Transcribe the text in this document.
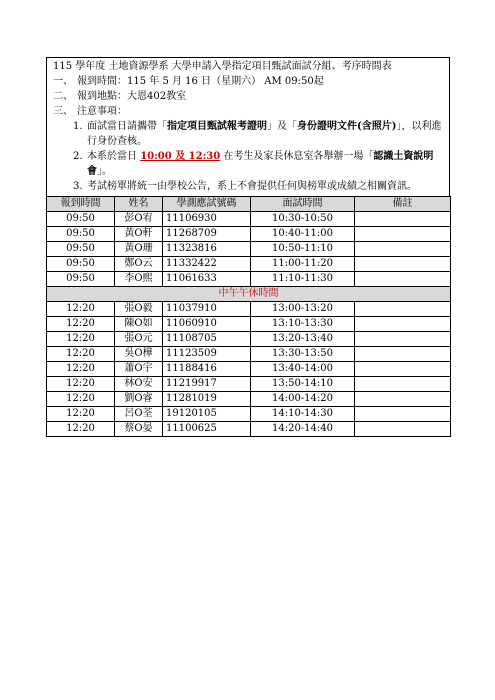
115 學年度 土地資源學系 大學申請入學指定項目甄試面試分組、考序時間表
一、 報到時間：115 年 5 月 16 日（星期六） AM 09:50起
二、 報到地點：大恩402教室
三、 注意事項：
1. 面試當日請攜帶「指定項目甄試報考證明」及「身份證明文件(含照片)」，以利進行身份查核。
2. 本系於當日 10:00 及 12:30 在考生及家長休息室各舉辦一場「認識土資說明會」。
3. 考試榜單將統一由學校公告，系上不會提供任何與榜單或成績之相關資訊。
報到時間	姓名	學測應試號碼	面試時間	備註
09:50	彭O宥	11106930	10:30-10:50	
09:50	黃O軒	11268709	10:40-11:00	
09:50	黃O珊	11323816	10:50-11:10	
09:50	鄭O云	11332422	11:00-11:20	
09:50	李O熙	11061633	11:10-11:30	
中午午休時間				
12:20	張O毅	11037910	13:00-13:20	
12:20	陳O如	11060910	13:10-13:30	
12:20	張O元	11108705	13:20-13:40	
12:20	吳O樺	11123509	13:30-13:50	
12:20	蕭O宇	11188416	13:40-14:00	
12:20	林O安	11219917	13:50-14:10	
12:20	劉O睿	11281019	14:00-14:20	
12:20	呂O荃	19120105	14:10-14:30	
12:20	蔡O晏	11100625	14:20-14:40	
